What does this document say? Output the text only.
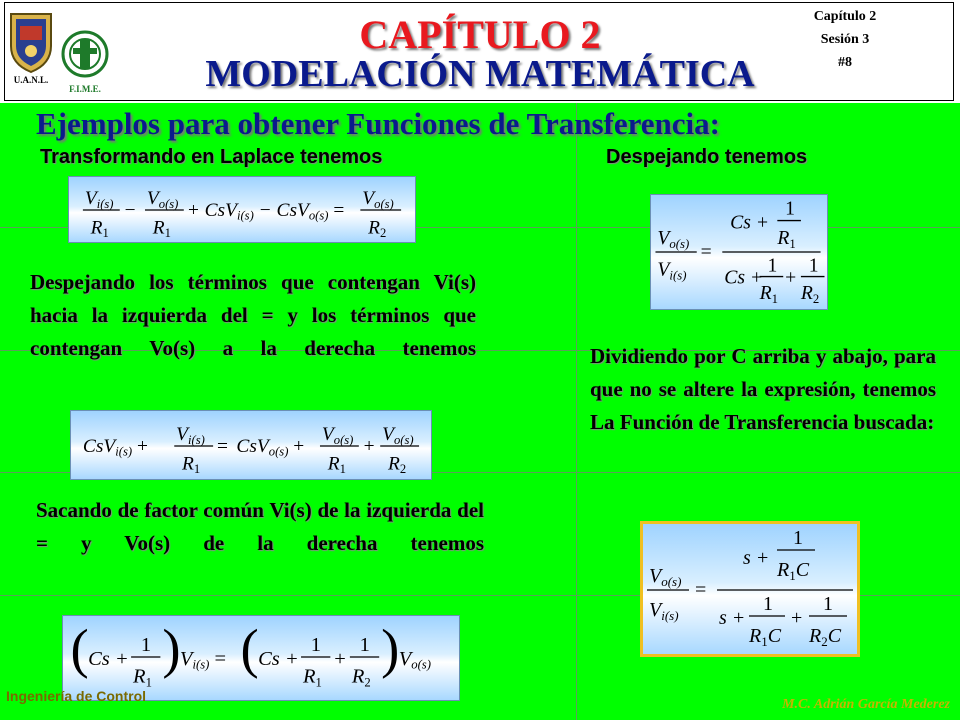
U.A.N.L.
F.I.M.E.
CAPÍTULO 2
MODELACIÓN MATEMÁTICA
Capítulo 2
Sesión 3
#8
Ejemplos para obtener Funciones de Transferencia:
Transformando en Laplace tenemos	Despejando tenemos
$V_{i(s)}$
$R_1$
−
$V_{o(s)}$
$R_1$
+ CsV$_{i(s)}$ − CsV$_{o(s)}$ =
$V_{o(s)}$
$R_2$
Despejando los términos que contengan Vi(s) hacia la izquierda del = y los términos que contengan Vo(s) a la derecha tenemos
CsV$_{i(s)}$ +
$V_{i(s)}$
$R_1$
= CsV$_{o(s)}$ +
$V_{o(s)}$
$R_1$
+
$V_{o(s)}$
$R_2$
Sacando de factor común Vi(s) de la izquierda del = y Vo(s) de la derecha tenemos
( Cs +
1
R1
) Vi(s) = ( Cs +
1
R1
+
1
R2
) Vo(s)
$V_{o(s)}$
$V_{i(s)}$
=
Cs +
1
$R_1$
Cs +
1
$R_1$
+
1
$R_2$
Dividiendo por C arriba y abajo, para que no se altere la expresión, tenemos La Función de Transferencia buscada:
$V_{o(s)}$
$V_{i(s)}$
=
s +
1
$R_1C$
s +
1
$R_1C$
+
1
$R_2C$
Ingeniería de Control
M.C. Adrián García Mederez
